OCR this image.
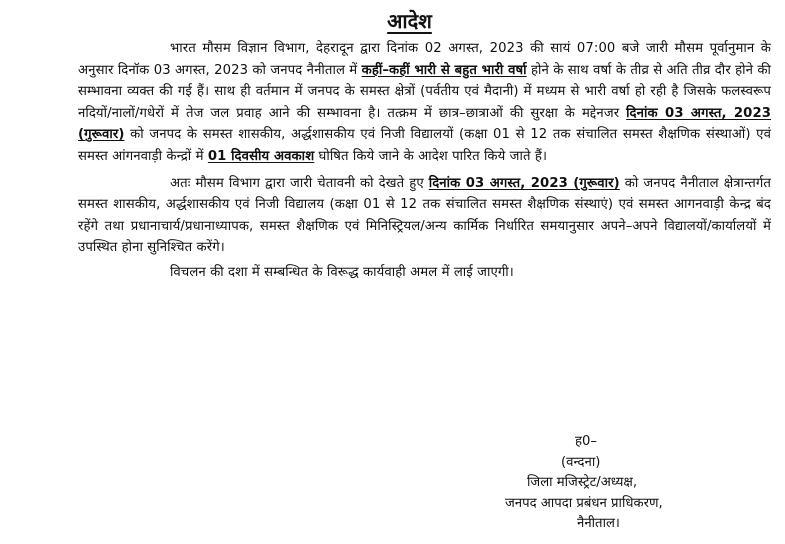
आदेश

भारत मौसम विज्ञान विभाग, देहरादून द्वारा दिनांक 02 अगस्त, 2023 की सायं 07:00 बजे जारी मौसम पूर्वानुमान के अनुसार दिनॉक 03 अगस्त, 2023 को जनपद नैनीताल में कहीं–कहीं भारी से बहुत भारी वर्षा होने के साथ वर्षा के तीव्र से अति तीव्र दौर होने की सम्भावना व्यक्त की गई हैं। साथ ही वर्तमान में जनपद के समस्त क्षेत्रों (पर्वतीय एवं मैदानी) में मध्यम से भारी वर्षा हो रही है जिसके फलस्वरूप नदियों/नालों/गधेरों में तेज जल प्रवाह आने की सम्भावना है। तत्क्रम में छात्र–छात्राओं की सुरक्षा के मद्देनजर दिनांक 03 अगस्त, 2023 (गुरूवार) को जनपद के समस्त शासकीय, अर्द्धशासकीय एवं निजी विद्यालयों (कक्षा 01 से 12 तक संचालित समस्त शैक्षणिक संस्थाओं) एवं समस्त आंगनवाड़ी केन्द्रों में 01 दिवसीय अवकाश घोषित किये जाने के आदेश पारित किये जाते हैं।

अतः मौसम विभाग द्वारा जारी चेतावनी को देखते हुए दिनांक 03 अगस्त, 2023 (गुरूवार) को जनपद नैनीताल क्षेत्रान्तर्गत समस्त शासकीय, अर्द्धशासकीय एवं निजी विद्यालय (कक्षा 01 से 12 तक संचालित समस्त शैक्षणिक संस्थाएं) एवं समस्त आगनवाड़ी केन्द्र बंद रहेंगे तथा प्रधानाचार्य/प्रधानाध्यापक, समस्त शैक्षणिक एवं मिनिस्ट्रियल/अन्य कार्मिक निर्धारित समयानुसार अपने–अपने विद्यालयों/कार्यालयों में उपस्थित होना सुनिश्चित करेंगे।

विचलन की दशा में सम्बन्धित के विरूद्ध कार्यवाही अमल में लाई जाएगी।

ह0–
(वन्दना)
जिला मजिस्ट्रेट/अध्यक्ष,
जनपद आपदा प्रबंधन प्राधिकरण,
नैनीताल।
